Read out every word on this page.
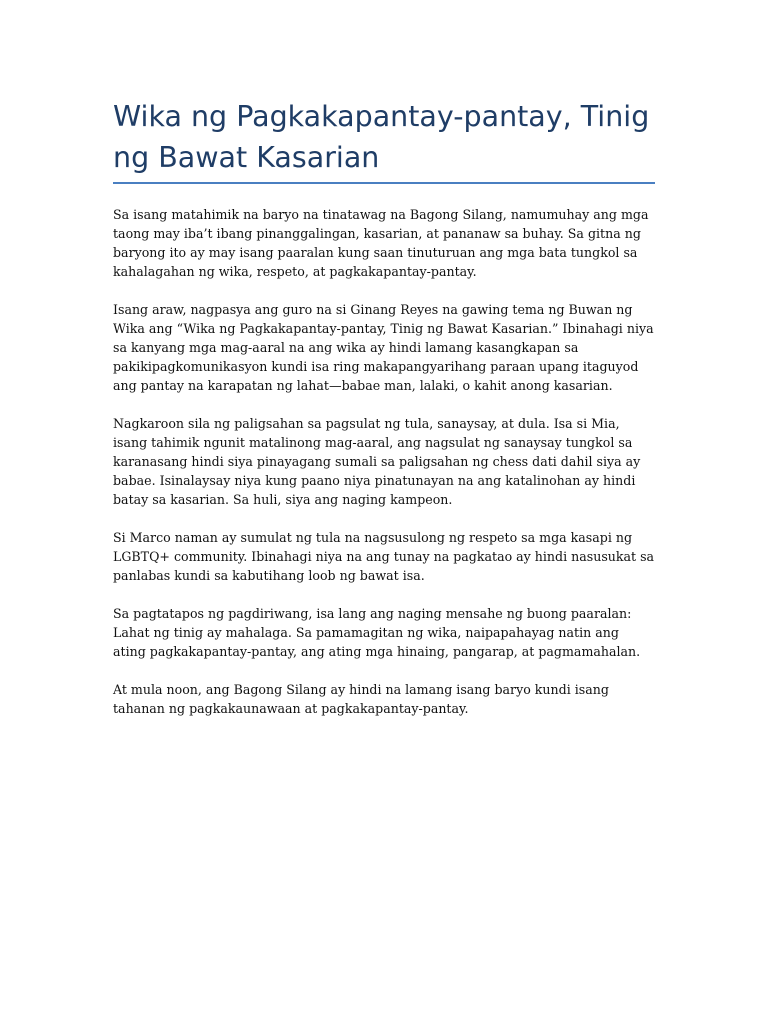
Wika ng Pagkakapantay-pantay, Tinig ng Bawat Kasarian

Sa isang matahimik na baryo na tinatawag na Bagong Silang, namumuhay ang mga taong may iba’t ibang pinanggalingan, kasarian, at pananaw sa buhay. Sa gitna ng baryong ito ay may isang paaralan kung saan tinuturuan ang mga bata tungkol sa kahalagahan ng wika, respeto, at pagkakapantay-pantay.

Isang araw, nagpasya ang guro na si Ginang Reyes na gawing tema ng Buwan ng Wika ang “Wika ng Pagkakapantay-pantay, Tinig ng Bawat Kasarian.” Ibinahagi niya sa kanyang mga mag-aaral na ang wika ay hindi lamang kasangkapan sa pakikipagkomunikasyon kundi isa ring makapangyarihang paraan upang itaguyod ang pantay na karapatan ng lahat—babae man, lalaki, o kahit anong kasarian.

Nagkaroon sila ng paligsahan sa pagsulat ng tula, sanaysay, at dula. Isa si Mia, isang tahimik ngunit matalinong mag-aaral, ang nagsulat ng sanaysay tungkol sa karanasang hindi siya pinayagang sumali sa paligsahan ng chess dati dahil siya ay babae. Isinalaysay niya kung paano niya pinatunayan na ang katalinohan ay hindi batay sa kasarian. Sa huli, siya ang naging kampeon.

Si Marco naman ay sumulat ng tula na nagsusulong ng respeto sa mga kasapi ng LGBTQ+ community. Ibinahagi niya na ang tunay na pagkatao ay hindi nasusukat sa panlabas kundi sa kabutihang loob ng bawat isa.

Sa pagtatapos ng pagdiriwang, isa lang ang naging mensahe ng buong paaralan: Lahat ng tinig ay mahalaga. Sa pamamagitan ng wika, naipapahayag natin ang ating pagkakapantay-pantay, ang ating mga hinaing, pangarap, at pagmamahalan.

At mula noon, ang Bagong Silang ay hindi na lamang isang baryo kundi isang tahanan ng pagkakaunawaan at pagkakapantay-pantay.
